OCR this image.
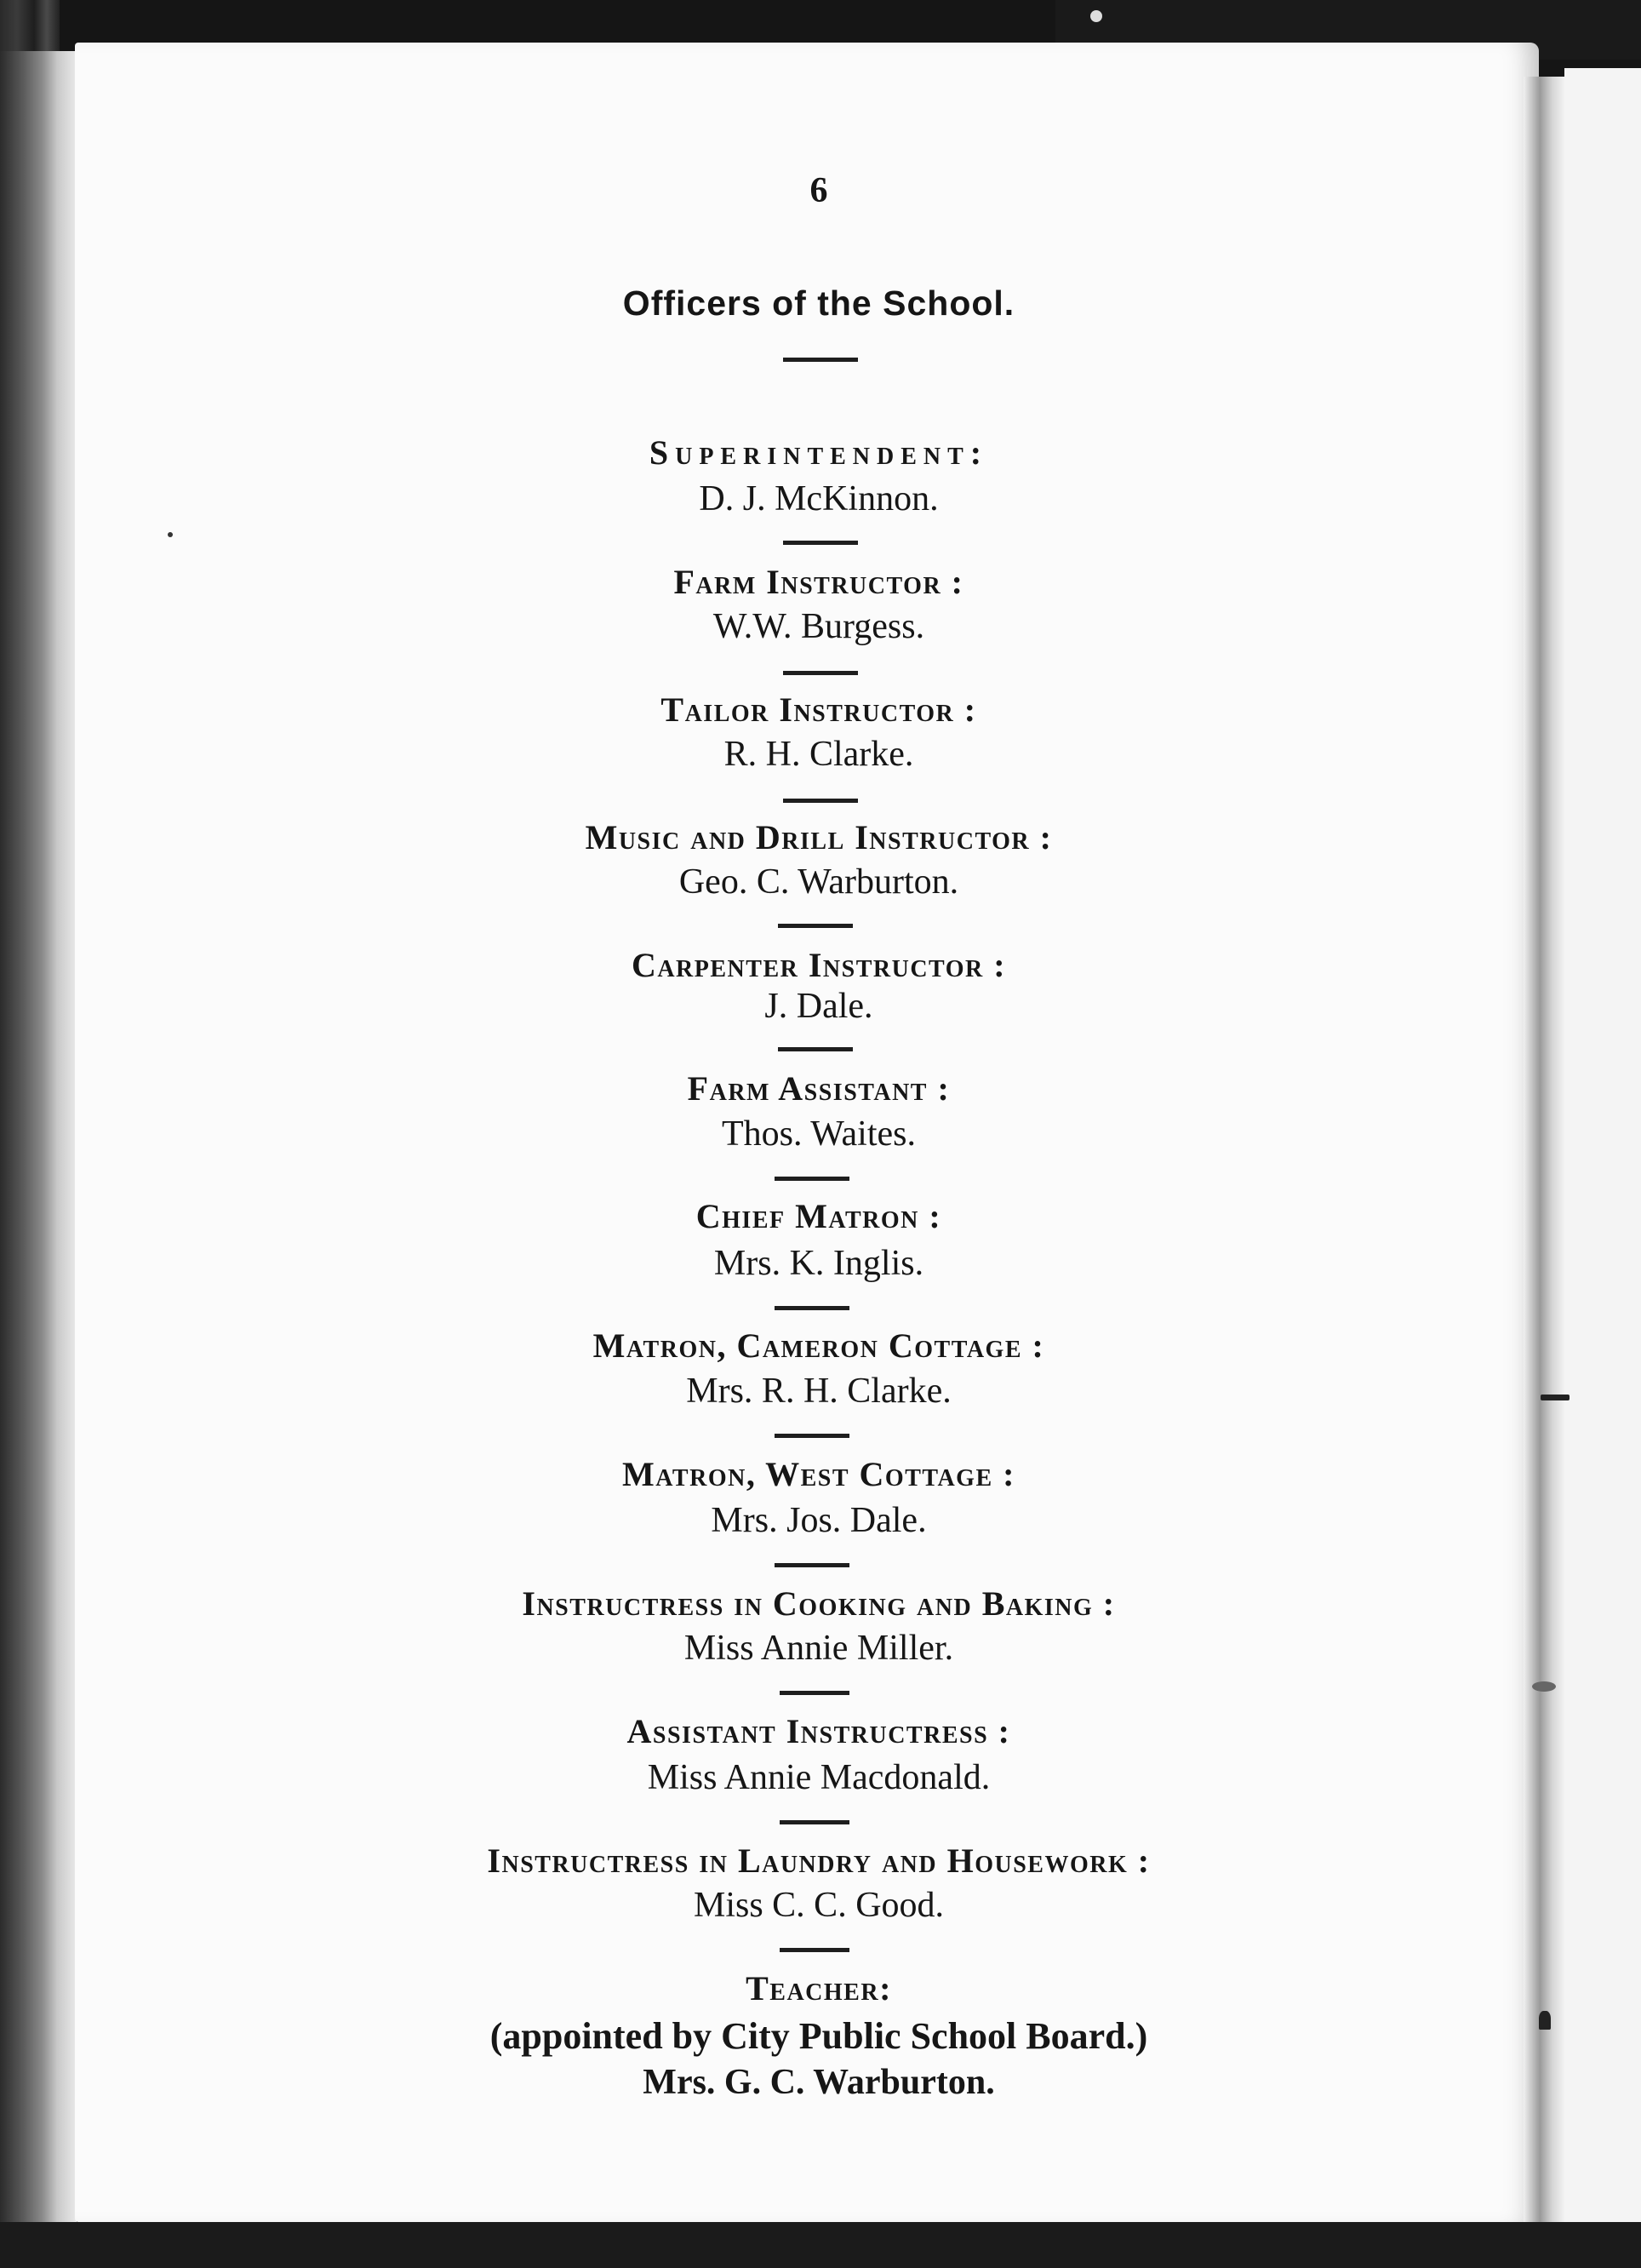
6
Officers of the School.
Superintendent:
D. J. McKinnon.
Farm Instructor :
W.W. Burgess.
Tailor Instructor :
R. H. Clarke.
Music and Drill Instructor :
Geo. C. Warburton.
Carpenter Instructor :
J. Dale.
Farm Assistant :
Thos. Waites.
Chief Matron :
Mrs. K. Inglis.
Matron, Cameron Cottage :
Mrs. R. H. Clarke.
Matron, West Cottage :
Mrs. Jos. Dale.
Instructress in Cooking and Baking :
Miss Annie Miller.
Assistant Instructress :
Miss Annie Macdonald.
Instructress in Laundry and Housework :
Miss C. C. Good.
Teacher:
(appointed by City Public School Board.)
Mrs. G. C. Warburton.
